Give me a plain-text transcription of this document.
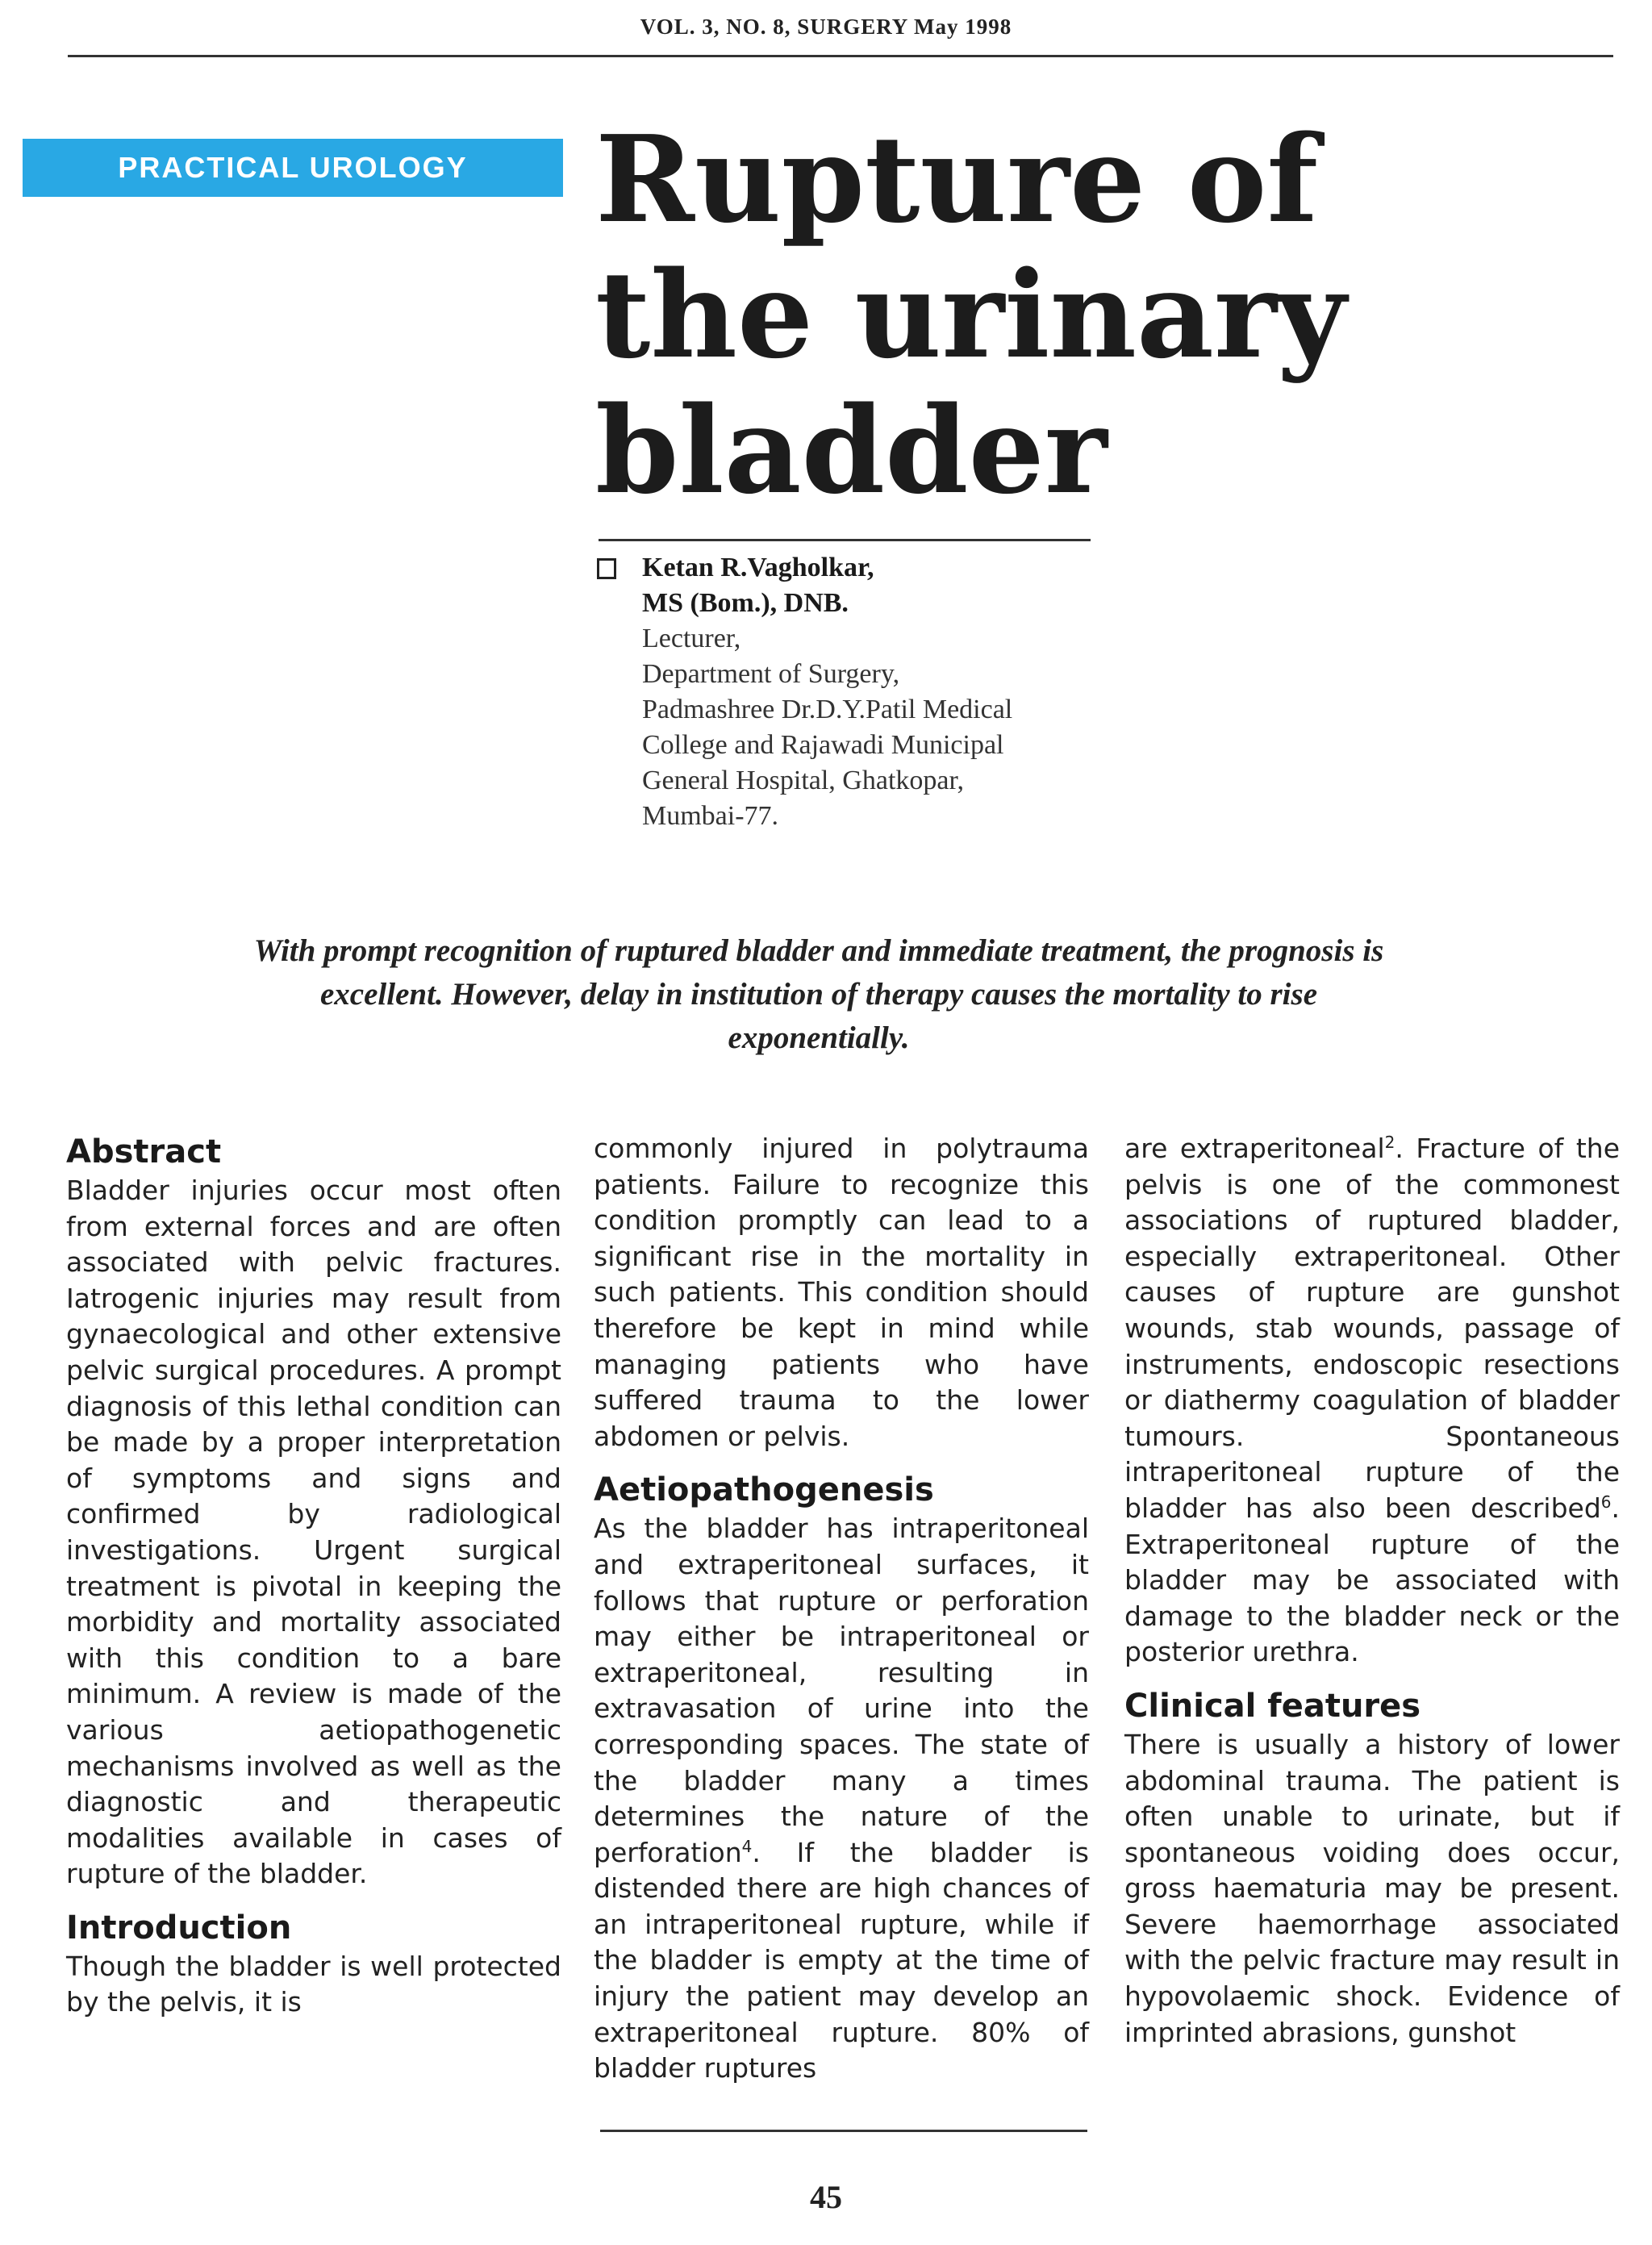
VOL. 3, NO. 8, SURGERY May 1998
PRACTICAL UROLOGY	Rupture of
the urinary
bladder
Ketan R.Vagholkar,
MS (Bom.), DNB.
Lecturer,
Department of Surgery,
Padmashree Dr.D.Y.Patil Medical
College and Rajawadi Municipal
General Hospital, Ghatkopar,
Mumbai-77.
With prompt recognition of ruptured bladder and immediate treatment, the prognosis is excellent. However, delay in institution of therapy causes the mortality to rise exponentially.
Abstract

Bladder injuries occur most often from external forces and are often associated with pelvic fractures. Iatrogenic injuries may result from gynaecological and other extensive pelvic surgical procedures. A prompt diagnosis of this lethal condition can be made by a proper interpretation of symptoms and signs and confirmed by radiological investigations. Urgent surgical treatment is pivotal in keeping the morbidity and mortality associated with this condition to a bare minimum. A review is made of the various aetiopathogenetic mechanisms involved as well as the diagnostic and therapeutic modalities available in cases of rupture of the bladder.

Introduction

Though the bladder is well protected by the pelvis, it is

commonly injured in polytrauma patients. Failure to recognize this condition promptly can lead to a significant rise in the mortality in such patients. This condition should therefore be kept in mind while managing patients who have suffered trauma to the lower abdomen or pelvis.

Aetiopathogenesis

As the bladder has intraperitoneal and extraperitoneal surfaces, it follows that rupture or perforation may either be intraperitoneal or extraperitoneal, resulting in extravasation of urine into the corresponding spaces. The state of the bladder many a times determines the nature of the perforation$^4$. If the bladder is distended there are high chances of an intraperitoneal rupture, while if the bladder is empty at the time of injury the patient may develop an extraperitoneal rupture. 80% of bladder ruptures

are extraperitoneal$^2$. Fracture of the pelvis is one of the commonest associations of ruptured bladder, especially extraperitoneal. Other causes of rupture are gunshot wounds, stab wounds, passage of instruments, endoscopic resections or diathermy coagulation of bladder tumours. Spontaneous intraperitoneal rupture of the bladder has also been described$^6$. Extraperitoneal rupture of the bladder may be associated with damage to the bladder neck or the posterior urethra.

Clinical features

There is usually a history of lower abdominal trauma. The patient is often unable to urinate, but if spontaneous voiding does occur, gross haematuria may be present. Severe haemorrhage associated with the pelvic fracture may result in hypovolaemic shock. Evidence of imprinted abrasions, gunshot

45
